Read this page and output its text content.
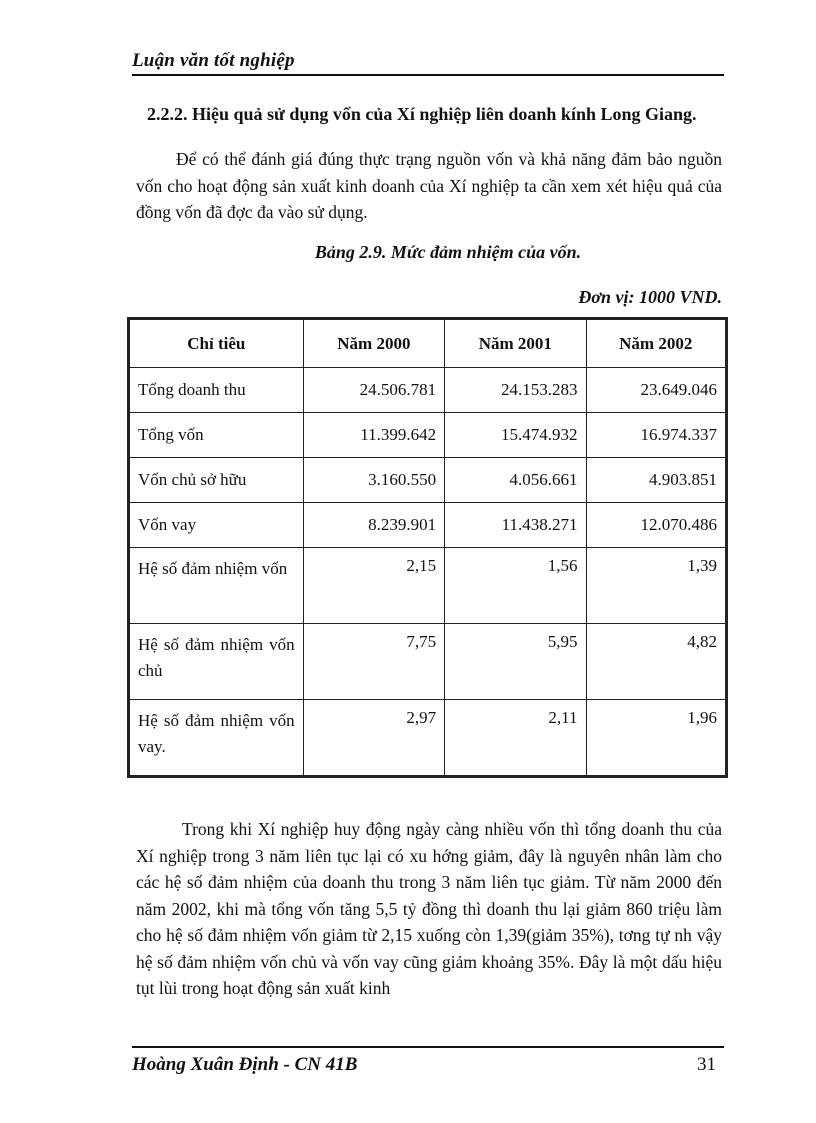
Luận văn tốt nghiệp
2.2.2. Hiệu quả sử dụng vốn của Xí nghiệp liên doanh kính Long Giang.
Để có thể đánh giá đúng thực trạng nguồn vốn và khả năng đảm bảo nguồn vốn cho hoạt động sản xuất kinh doanh của Xí nghiệp ta cần xem xét hiệu quả của đồng vốn đã đợc đa vào sử dụng.
Bảng 2.9. Mức đảm nhiệm của vốn.
Đơn vị: 1000 VND.
Chỉ tiêu	Năm 2000	Năm 2001	Năm 2002
Tổng doanh thu	24.506.781	24.153.283	23.649.046
Tổng vốn	11.399.642	15.474.932	16.974.337
Vốn chủ sở hữu	3.160.550	4.056.661	4.903.851
Vốn vay	8.239.901	11.438.271	12.070.486
Hệ số đảm nhiệm vốn	2,15	1,56	1,39
Hệ số đảm nhiệm vốn chủ	7,75	5,95	4,82
Hệ số đảm nhiệm vốn vay.	2,97	2,11	1,96
Trong khi Xí nghiệp huy động ngày càng nhiều vốn thì tổng doanh thu của Xí nghiệp trong 3 năm liên tục lại có xu hớng giảm, đây là nguyên nhân làm cho các hệ số đảm nhiệm của doanh thu trong 3 năm liên tục giảm. Từ năm 2000 đến năm 2002, khi mà tổng vốn tăng 5,5 tỷ đồng thì doanh thu lại giảm 860 triệu làm cho hệ số đảm nhiệm vốn giảm từ 2,15 xuống còn 1,39(giảm 35%), tơng tự nh vậy hệ số đảm nhiệm vốn chủ và vốn vay cũng giảm khoảng 35%. Đây là một dấu hiệu tụt lùi trong hoạt động sản xuất kinh
Hoàng Xuân Định - CN 41B	31
